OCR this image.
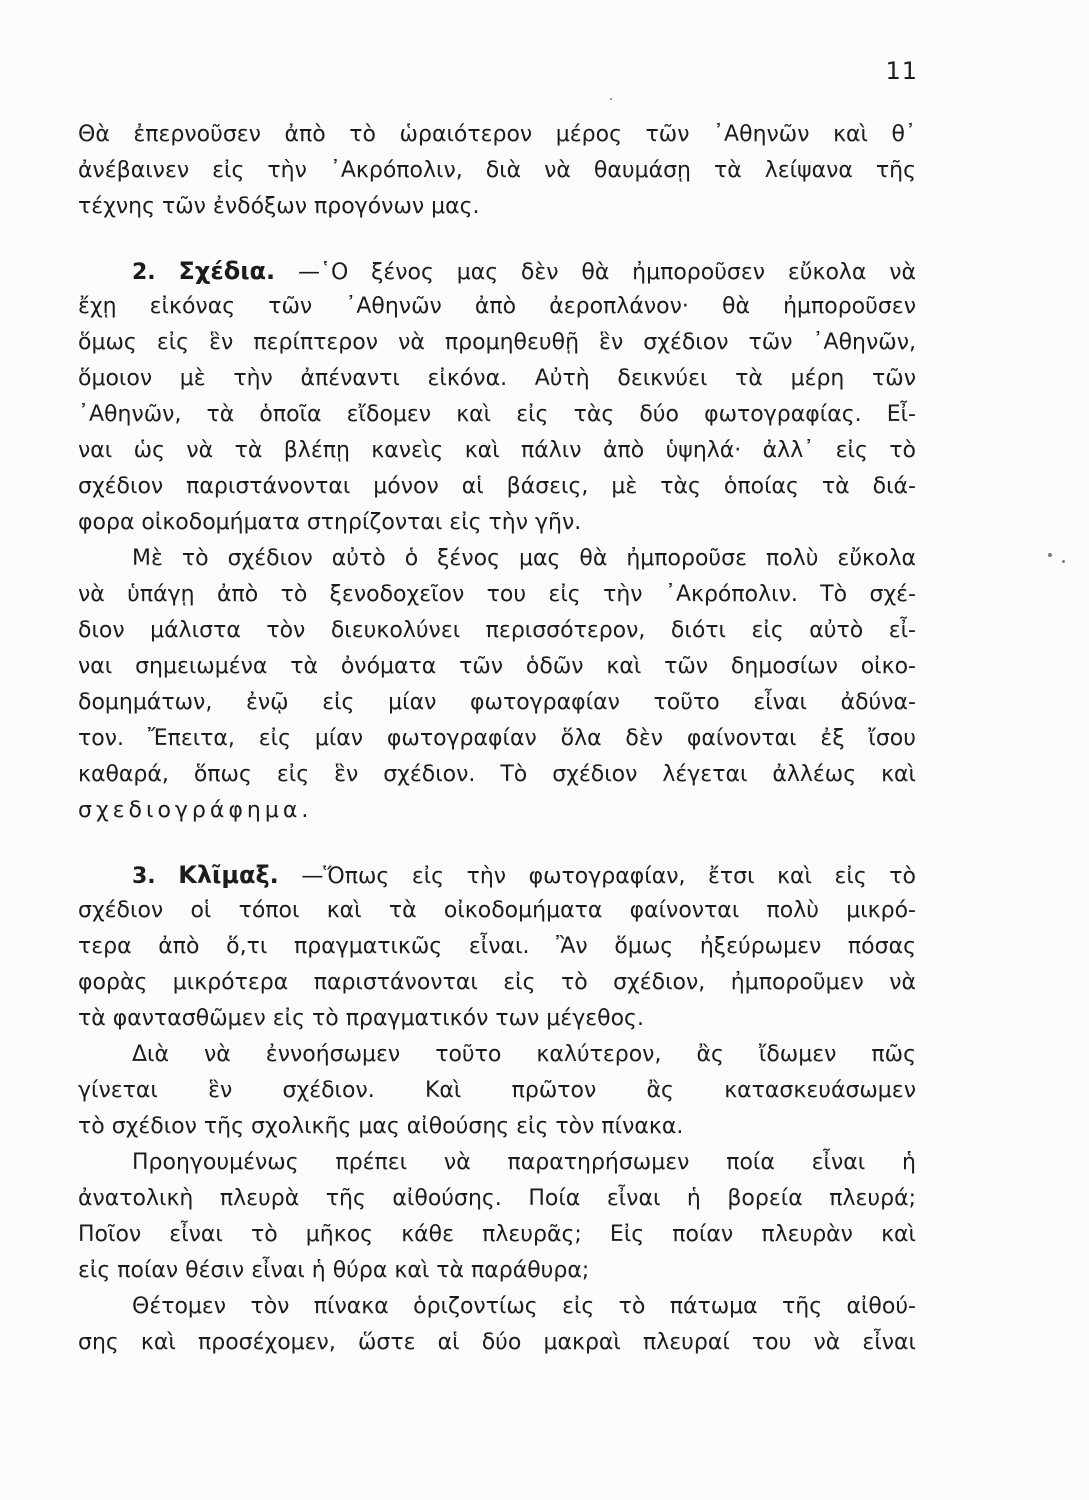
11
Θὰ ἐπερνοῦσεν ἀπὸ τὸ ὡραιότερον μέρος τῶν ᾿Αθηνῶν καὶ θ᾿
ἀνέβαινεν εἰς τὴν ᾿Ακρόπολιν, διὰ νὰ θαυμάσῃ τὰ λείψανα τῆς
τέχνης τῶν ἐνδόξων προγόνων μας.
2. Σχέδια. —῾Ο ξένος μας δὲν θὰ ἠμποροῦσεν εὔκολα νὰ
ἔχῃ εἰκόνας τῶν ᾿Αθηνῶν ἀπὸ ἀεροπλάνον· θὰ ἠμποροῦσεν
ὅμως εἰς ἓν περίπτερον νὰ προμηθευθῇ ἓν σχέδιον τῶν ᾿Αθηνῶν,
ὅμοιον μὲ τὴν ἀπέναντι εἰκόνα. Αὐτὴ δεικνύει τὰ μέρη τῶν
᾿Αθηνῶν, τὰ ὁποῖα εἴδομεν καὶ εἰς τὰς δύο φωτογραφίας. Εἶ-
ναι ὡς νὰ τὰ βλέπῃ κανεὶς καὶ πάλιν ἀπὸ ὑψηλά· ἀλλ᾿ εἰς τὸ
σχέδιον παριστάνονται μόνον αἱ βάσεις, μὲ τὰς ὁποίας τὰ διά-
φορα οἰκοδομήματα στηρίζονται εἰς τὴν γῆν.
Μὲ τὸ σχέδιον αὐτὸ ὁ ξένος μας θὰ ἠμποροῦσε πολὺ εὔκολα
νὰ ὑπάγῃ ἀπὸ τὸ ξενοδοχεῖον του εἰς τὴν ᾿Ακρόπολιν. Τὸ σχέ-
διον μάλιστα τὸν διευκολύνει περισσότερον, διότι εἰς αὐτὸ εἶ-
ναι σημειωμένα τὰ ὀνόματα τῶν ὁδῶν καὶ τῶν δημοσίων οἰκο-
δομημάτων, ἐνῷ εἰς μίαν φωτογραφίαν τοῦτο εἶναι ἀδύνα-
τον. Ἔπειτα, εἰς μίαν φωτογραφίαν ὅλα δὲν φαίνονται ἐξ ἴσου
καθαρά, ὅπως εἰς ἓν σχέδιον. Τὸ σχέδιον λέγεται ἀλλέως καὶ
σχεδιογράφημα.
3. Κλῖμαξ. —Ὅπως εἰς τὴν φωτογραφίαν, ἔτσι καὶ εἰς τὸ
σχέδιον οἱ τόποι καὶ τὰ οἰκοδομήματα φαίνονται πολὺ μικρό-
τερα ἀπὸ ὅ,τι πραγματικῶς εἶναι. Ἂν ὅμως ἠξεύρωμεν πόσας
φορὰς μικρότερα παριστάνονται εἰς τὸ σχέδιον, ἠμποροῦμεν νὰ
τὰ φαντασθῶμεν εἰς τὸ πραγματικόν των μέγεθος.
Διὰ νὰ ἐννοήσωμεν τοῦτο καλύτερον, ἂς ἴδωμεν πῶς
γίνεται ἓν σχέδιον. Καὶ πρῶτον ἂς κατασκευάσωμεν
τὸ σχέδιον τῆς σχολικῆς μας αἰθούσης εἰς τὸν πίνακα.
Προηγουμένως πρέπει νὰ παρατηρήσωμεν ποία εἶναι ἡ
ἀνατολικὴ πλευρὰ τῆς αἰθούσης. Ποία εἶναι ἡ βορεία πλευρά;
Ποῖον εἶναι τὸ μῆκος κάθε πλευρᾶς; Εἰς ποίαν πλευρὰν καὶ
εἰς ποίαν θέσιν εἶναι ἡ θύρα καὶ τὰ παράθυρα;
Θέτομεν τὸν πίνακα ὁριζοντίως εἰς τὸ πάτωμα τῆς αἰθού-
σης καὶ προσέχομεν, ὥστε αἱ δύο μακραὶ πλευραί του νὰ εἶναι
